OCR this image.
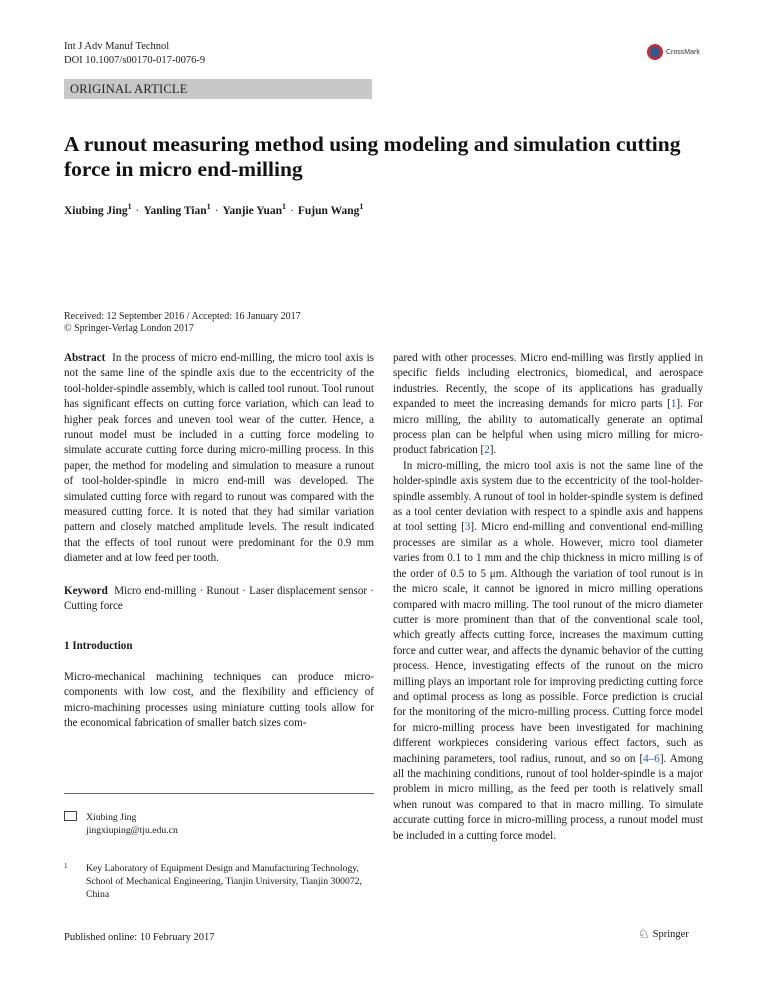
Int J Adv Manuf Technol
DOI 10.1007/s00170-017-0076-9
CrossMark
ORIGINAL ARTICLE
A runout measuring method using modeling and simulation cutting force in micro end-milling
Xiubing Jing$^1$ · Yanling Tian$^1$ · Yanjie Yuan$^1$ · Fujun Wang$^1$
Received: 12 September 2016 / Accepted: 16 January 2017
© Springer-Verlag London 2017

Abstract In the process of micro end-milling, the micro tool axis is not the same line of the spindle axis due to the eccentricity of the tool-holder-spindle assembly, which is called tool runout. Tool runout has significant effects on cutting force variation, which can lead to higher peak forces and uneven tool wear of the cutter. Hence, a runout model must be included in a cutting force modeling to simulate accurate cutting force during micro-milling process. In this paper, the method for modeling and simulation to measure a runout of tool-holder-spindle in micro end-mill was developed. The simulated cutting force with regard to runout was compared with the measured cutting force. It is noted that they had similar variation pattern and closely matched amplitude levels. The result indicated that the effects of tool runout were predominant for the 0.9 mm diameter and at low feed per tooth.

Keyword Micro end-milling · Runout · Laser displacement sensor · Cutting force

1 Introduction

Micro-mechanical machining techniques can produce micro-components with low cost, and the flexibility and efficiency of micro-machining processes using miniature cutting tools allow for the economical fabrication of smaller batch sizes com-

pared with other processes. Micro end-milling was firstly applied in specific fields including electronics, biomedical, and aerospace industries. Recently, the scope of its applications has gradually expanded to meet the increasing demands for micro parts [1]. For micro milling, the ability to automatically generate an optimal process plan can be helpful when using micro milling for micro-product fabrication [2].

In micro-milling, the micro tool axis is not the same line of the holder-spindle axis system due to the eccentricity of the tool-holder-spindle assembly. A runout of tool in holder-spindle system is defined as a tool center deviation with respect to a spindle axis and happens at tool setting [3]. Micro end-milling and conventional end-milling processes are similar as a whole. However, micro tool diameter varies from 0.1 to 1 mm and the chip thickness in micro milling is of the order of 0.5 to 5 μm. Although the variation of tool runout is in the micro scale, it cannot be ignored in micro milling operations compared with macro milling. The tool runout of the micro diameter cutter is more prominent than that of the conventional scale tool, which greatly affects cutting force, increases the maximum cutting force and cutter wear, and affects the dynamic behavior of the cutting process. Hence, investigating effects of the runout on the micro milling plays an important role for improving predicting cutting force and optimal process as long as possible. Force prediction is crucial for the monitoring of the micro-milling process. Cutting force model for micro-milling process have been investigated for machining different workpieces considering various effect factors, such as machining parameters, tool radius, runout, and so on [4–6]. Among all the machining conditions, runout of tool holder-spindle is a major problem in micro milling, as the feed per tooth is relatively small when runout was compared to that in macro milling. To simulate accurate cutting force in micro-milling process, a runout model must be included in a cutting force model.

Xiubing Jing
jingxiuping@tju.edu.cn
1	Key Laboratory of Equipment Design and Manufacturing Technology, School of Mechanical Engineering, Tianjin University, Tianjin 300072, China
Published online: 10 February 2017	♘ Springer
